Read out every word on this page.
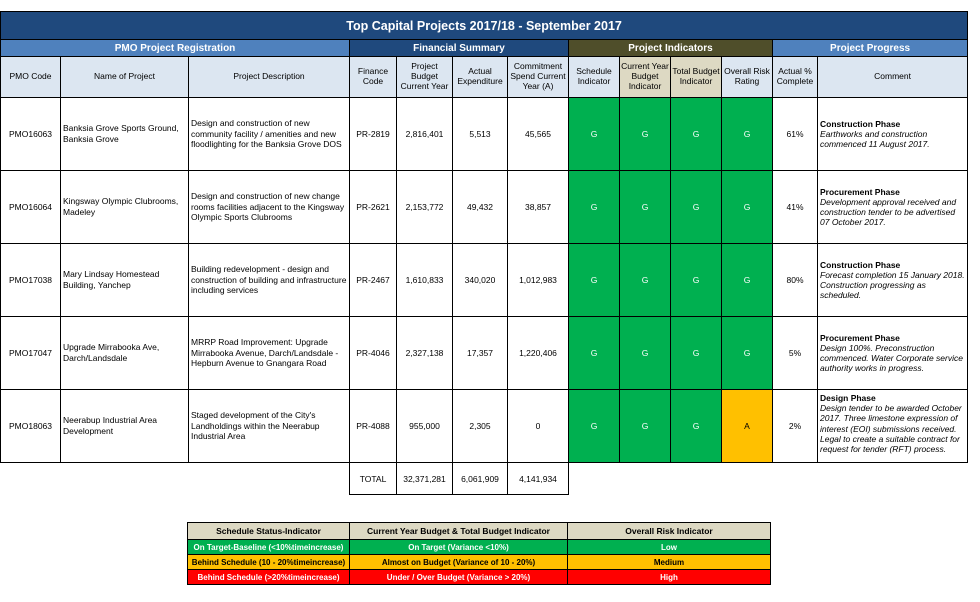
Top Capital Projects 2017/18 - September 2017												
PMO Project Registration			Financial Summary				Project Indicators				Project Progress	
PMO Code	Name of Project	Project Description	Finance Code	Project Budget Current Year	Actual Expenditure	Commitment Spend Current Year (A)	Schedule Indicator	Current Year Budget Indicator	Total Budget Indicator	Overall Risk Rating	Actual % Complete	Comment
PMO16063	Banksia Grove Sports Ground, Banksia Grove	Design and construction of new community facility / amenities and new floodlighting for the Banksia Grove DOS	PR-2819	2,816,401	5,513	45,565	G	G	G	G	61%	Construction Phase
Earthworks and construction commenced 11 August 2017.

PMO16064	Kingsway Olympic Clubrooms, Madeley	Design and construction of new change rooms facilities adjacent to the Kingsway Olympic Sports Clubrooms	PR-2621	2,153,772	49,432	38,857	G	G	G	G	41%	Procurement Phase
Development approval received and construction tender to be advertised 07 October 2017.

PMO17038	Mary Lindsay Homestead Building, Yanchep	Building redevelopment - design and construction of building and infrastructure including services	PR-2467	1,610,833	340,020	1,012,983	G	G	G	G	80%	Construction Phase
Forecast completion 15 January 2018. Construction progressing as scheduled.

PMO17047	Upgrade Mirrabooka Ave, Darch/Landsdale	MRRP Road Improvement: Upgrade Mirrabooka Avenue, Darch/Landsdale - Hepburn Avenue to Gnangara Road	PR-4046	2,327,138	17,357	1,220,406	G	G	G	G	5%	Procurement Phase
Design 100%. Preconstruction commenced. Water Corporate service authority works in progress.

PMO18063	Neerabup Industrial Area Development	Staged development of the City's Landholdings within the Neerabup Industrial Area	PR-4088	955,000	2,305	0	G	G	G	A	2%	Design Phase
Design tender to be awarded October 2017. Three limestone expression of interest (EOI) submissions received. Legal to create a suitable contract for request for tender (RFT) process.

			TOTAL	32,371,281	6,061,909	4,141,934						
Schedule Status-Indicator	Current Year Budget & Total Budget Indicator	Overall Risk Indicator
On Target-Baseline (<10%timeincrease)	On Target (Variance <10%)	Low
Behind Schedule (10 - 20%timeincrease)	Almost on Budget (Variance of 10 - 20%)	Medium
Behind Schedule (>20%timeincrease)	Under / Over Budget (Variance > 20%)	High
